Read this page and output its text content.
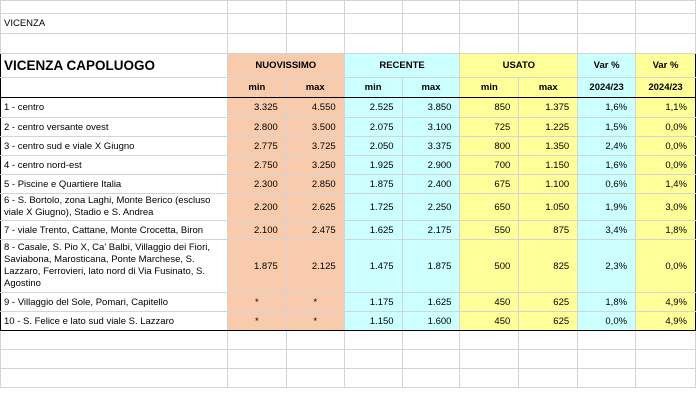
VICENZA								

VICENZA CAPOLUOGO	NUOVISSIMO		RECENTE		USATO		Var %	Var %
	min	max	min	max	min	max	2024/23	2024/23
1 - centro	3.325	4.550	2.525	3.850	850	1.375	1,6%	1,1%
2 - centro versante ovest	2.800	3.500	2.075	3.100	725	1.225	1,5%	0,0%
3 - centro sud e viale X Giugno	2.775	3.725	2.050	3.375	800	1.350	2,4%	0,0%
4 - centro nord-est	2.750	3.250	1.925	2.900	700	1.150	1,6%	0,0%
5 - Piscine e Quartiere Italia	2.300	2.850	1.875	2.400	675	1.100	0,6%	1,4%
6 - S. Bortolo, zona Laghi, Monte Berico (escluso viale X Giugno), Stadio e S. Andrea	2.200	2.625	1.725	2.250	650	1.050	1,9%	3,0%
7 - viale Trento, Cattane, Monte Crocetta, Biron	2.100	2.475	1.625	2.175	550	875	3,4%	1,8%
8 - Casale, S. Pio X, Ca' Balbi, Villaggio dei Fiori, Saviabona, Marosticana, Ponte Marchese, S. Lazzaro, Ferrovieri, lato nord di Via Fusinato, S. Agostino	1.875	2.125	1.475	1.875	500	825	2,3%	0,0%
9 - Villaggio del Sole, Pomari, Capitello	*	*	1.175	1.625	450	625	1,8%	4,9%
10 - S. Felice e lato sud viale S. Lazzaro	*	*	1.150	1.600	450	625	0,0%	4,9%
